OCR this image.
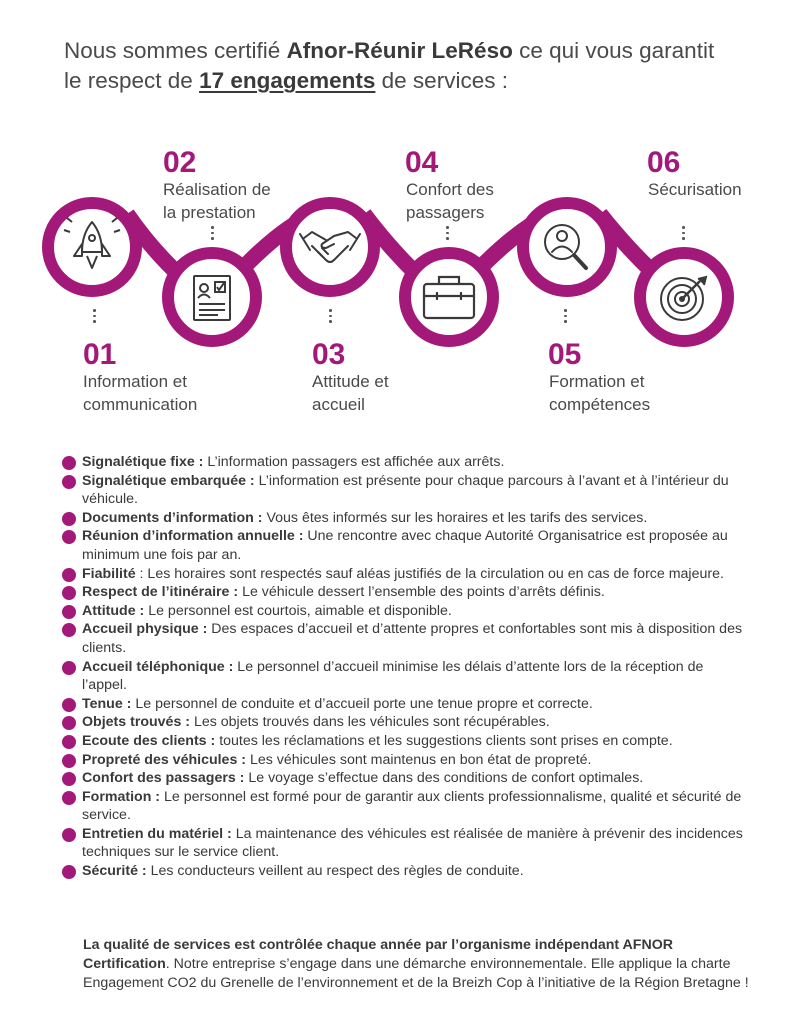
Nous sommes certifié Afnor-Réunir LeRéso ce qui vous garantit
le respect de 17 engagements de services :
02
Réalisation de
la prestation
04
Confort des
passagers
06
Sécurisation
01
Information et
communication
03
Attitude et
accueil
05
Formation et
compétences
Signalétique fixe : L’information passagers est affichée aux arrêts.
Signalétique embarquée : L’information est présente pour chaque parcours à l’avant et à l’intérieur du véhicule.
Documents d’information : Vous êtes informés sur les horaires et les tarifs des services.
Réunion d’information annuelle : Une rencontre avec chaque Autorité Organisatrice est proposée au minimum une fois par an.
Fiabilité : Les horaires sont respectés sauf aléas justifiés de la circulation ou en cas de force majeure.
Respect de l’itinéraire : Le véhicule dessert l’ensemble des points d’arrêts définis.
Attitude : Le personnel est courtois, aimable et disponible.
Accueil physique : Des espaces d’accueil et d’attente propres et confortables sont mis à disposition des clients.
Accueil téléphonique : Le personnel d’accueil minimise les délais d’attente lors de la réception de l’appel.
Tenue : Le personnel de conduite et d’accueil porte une tenue propre et correcte.
Objets trouvés : Les objets trouvés dans les véhicules sont récupérables.
Ecoute des clients : toutes les réclamations et les suggestions clients sont prises en compte.
Propreté des véhicules : Les véhicules sont maintenus en bon état de propreté.
Confort des passagers : Le voyage s’effectue dans des conditions de confort optimales.
Formation : Le personnel est formé pour de garantir aux clients professionnalisme, qualité et sécurité de service.
Entretien du matériel : La maintenance des véhicules est réalisée de manière à prévenir des incidences techniques sur le service client.
Sécurité : Les conducteurs veillent au respect des règles de conduite.
La qualité de services est contrôlée chaque année par l’organisme indépendant AFNOR Certification. Notre entreprise s’engage dans une démarche environnementale. Elle applique la charte Engagement CO2 du Grenelle de l’environnement et de la Breizh Cop à l’initiative de la Région Bretagne !
